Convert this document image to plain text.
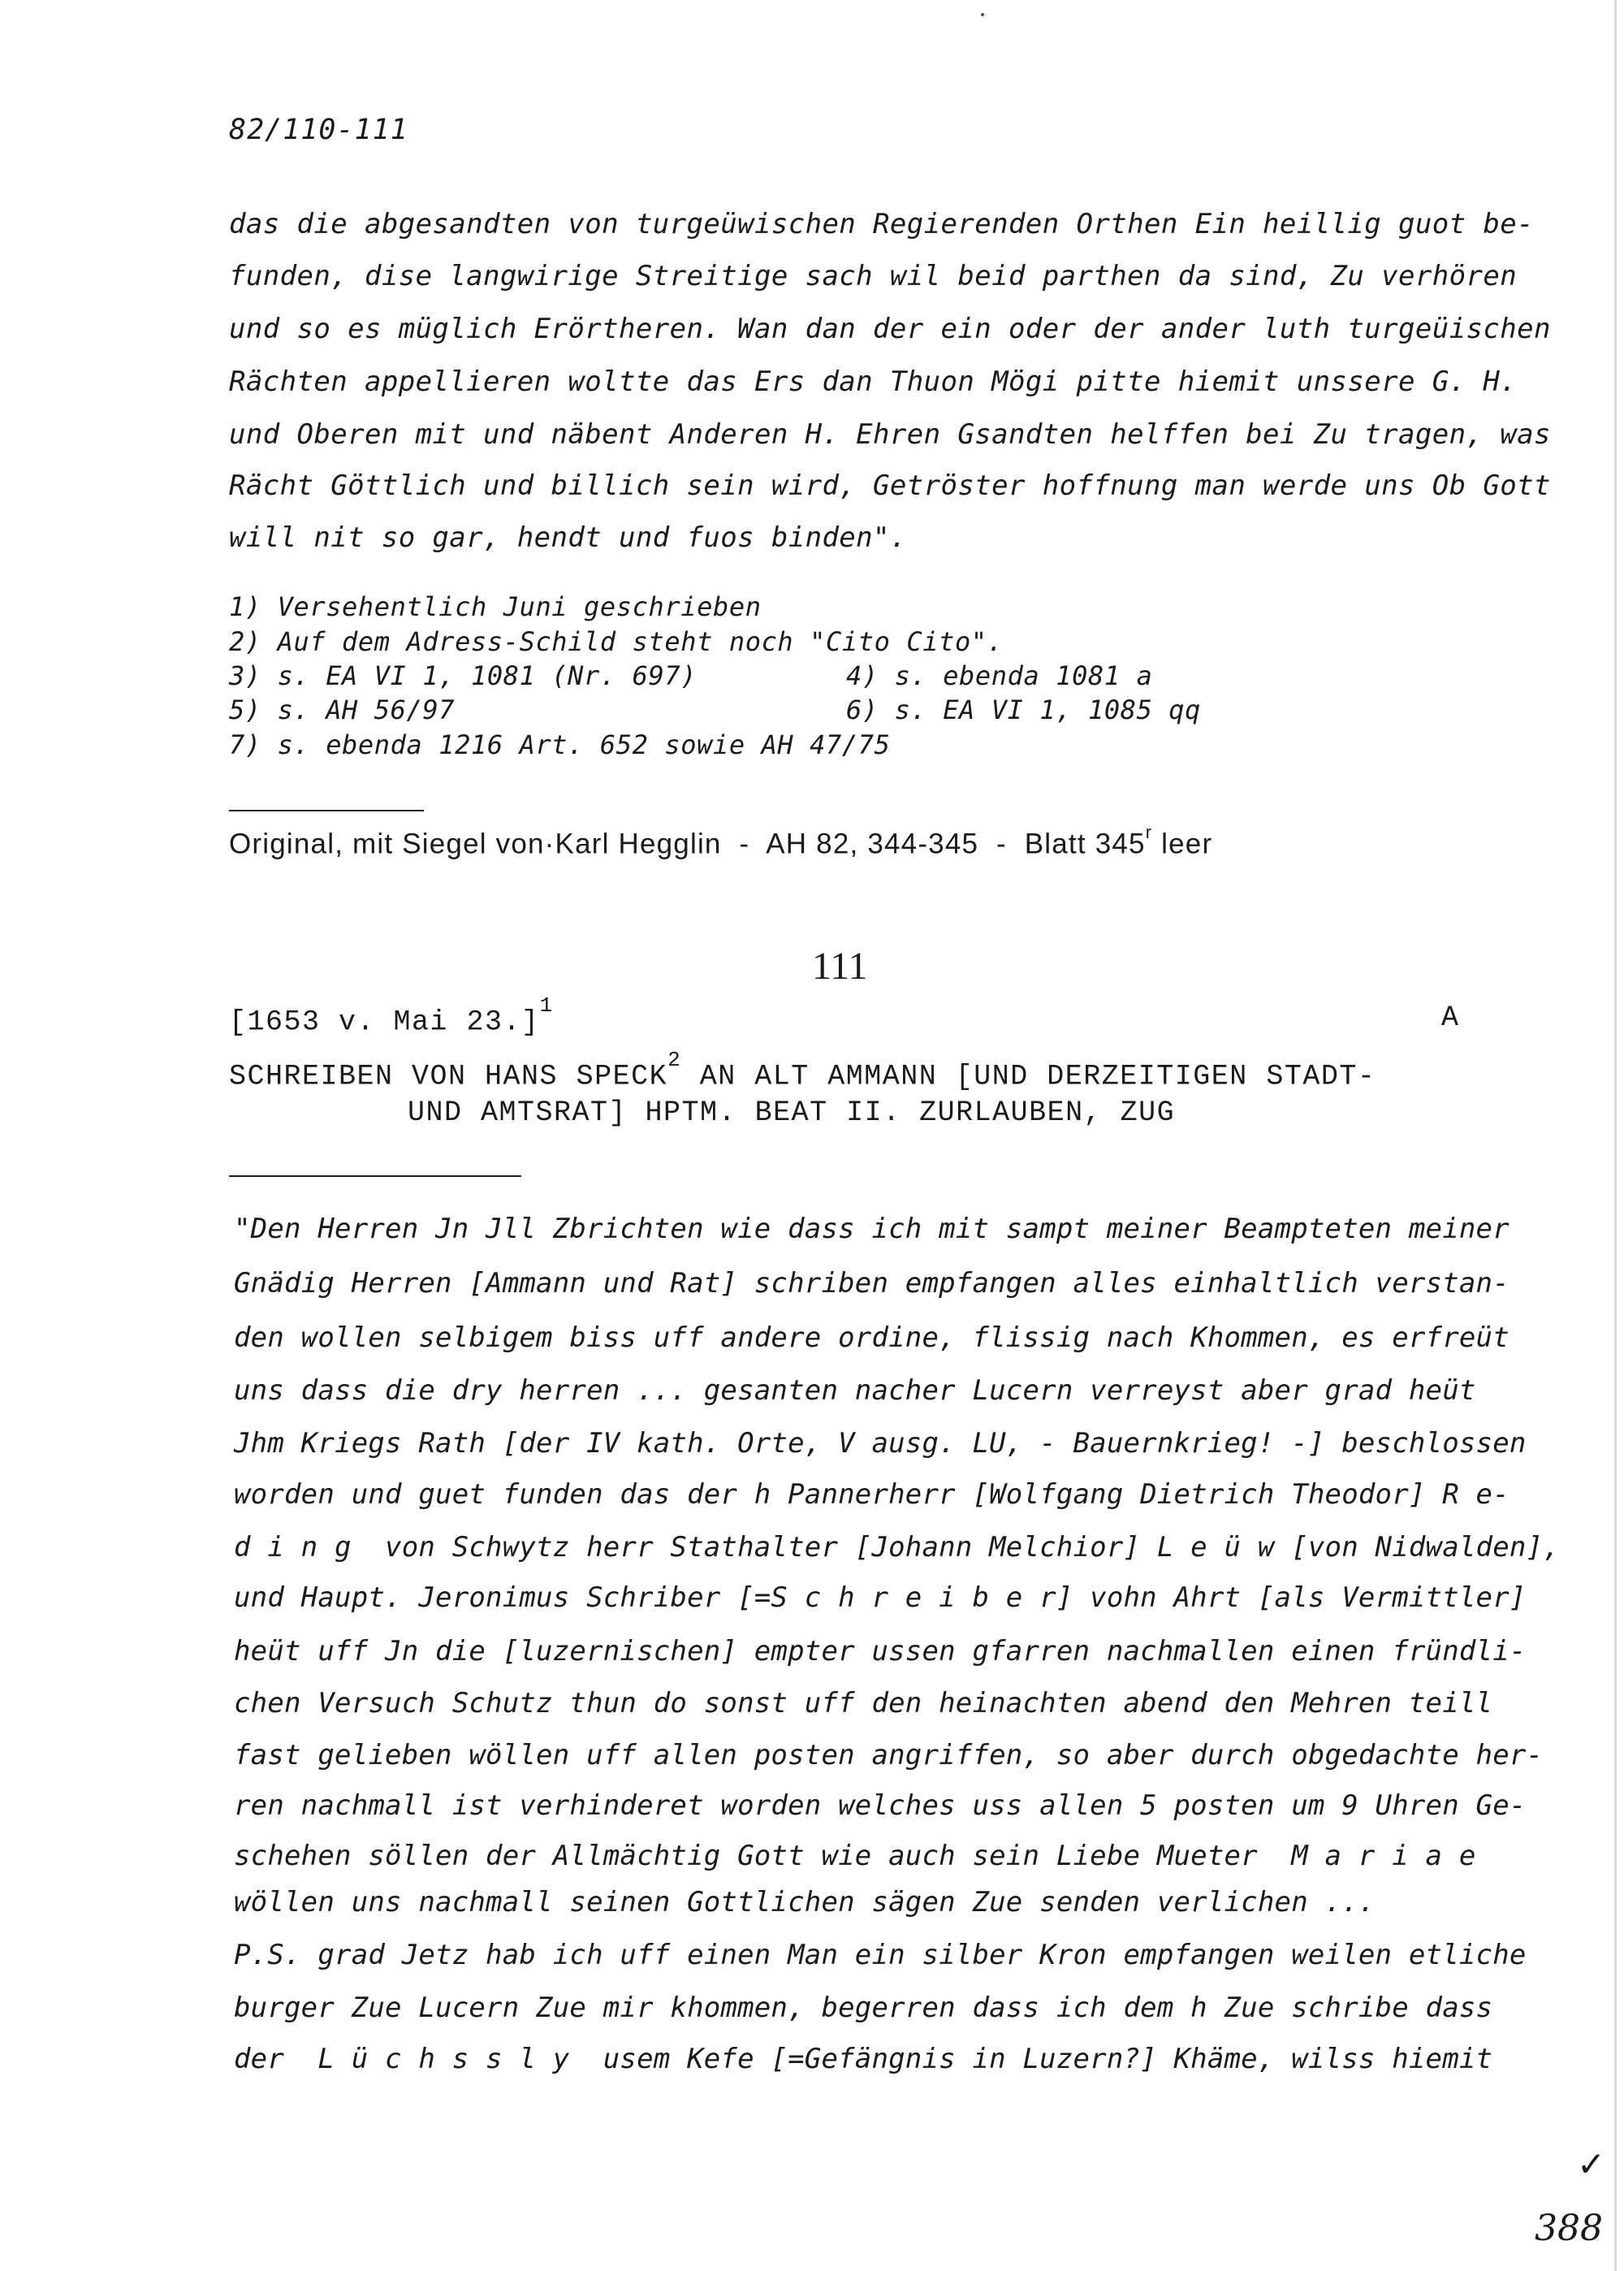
82/110-111
das die abgesandten von turgeüwischen Regierenden Orthen Ein heillig guot be-
funden, dise langwirige Streitige sach wil beid parthen da sind, Zu verhören
und so es müglich Erörtheren. Wan dan der ein oder der ander luth turgeüischen
Rächten appellieren woltte das Ers dan Thuon Mögi pitte hiemit unssere G. H.
und Oberen mit und näbent Anderen H. Ehren Gsandten helffen bei Zu tragen, was
Rächt Göttlich und billich sein wird, Getröster hoffnung man werde uns Ob Gott
will nit so gar, hendt und fuos binden".
1) Versehentlich Juni geschrieben
2) Auf dem Adress-Schild steht noch "Cito Cito".
3) s. EA VI 1, 1081 (Nr. 697)	4) s. ebenda 1081 a
5) s. AH 56/97	6) s. EA VI 1, 1085 qq
7) s. ebenda 1216 Art. 652 sowie AH 47/75
Original, mit Siegel von·Karl Hegglin  -  AH 82, 344-345  -  Blatt 345$^r$ leer
111
[1653 v. Mai 23.]$^1$	A
SCHREIBEN VON HANS SPECK$^2$ AN ALT AMMANN [UND DERZEITIGEN STADT-
UND AMTSRAT] HPTM. BEAT II. ZURLAUBEN, ZUG
"Den Herren Jn Jll Zbrichten wie dass ich mit sampt meiner Beampteten meiner
Gnädig Herren [Ammann und Rat] schriben empfangen alles einhaltlich verstan-
den wollen selbigem biss uff andere ordine, flissig nach Khommen, es erfreüt
uns dass die dry herren ... gesanten nacher Lucern verreyst aber grad heüt
Jhm Kriegs Rath [der IV kath. Orte, V ausg. LU, - Bauernkrieg! -] beschlossen
worden und guet funden das der h Pannerherr [Wolfgang Dietrich Theodor] R e-
d i n g  von Schwytz herr Stathalter [Johann Melchior] L e ü w [von Nidwalden],
und Haupt. Jeronimus Schriber [=S c h r e i b e r] vohn Ahrt [als Vermittler]
heüt uff Jn die [luzernischen] empter ussen gfarren nachmallen einen fründli-
chen Versuch Schutz thun do sonst uff den heinachten abend den Mehren teill
fast gelieben wöllen uff allen posten angriffen, so aber durch obgedachte her-
ren nachmall ist verhinderet worden welches uss allen 5 posten um 9 Uhren Ge-
schehen söllen der Allmächtig Gott wie auch sein Liebe Mueter  M a r i a e
wöllen uns nachmall seinen Gottlichen sägen Zue senden verlichen ...
P.S. grad Jetz hab ich uff einen Man ein silber Kron empfangen weilen etliche
burger Zue Lucern Zue mir khommen, begerren dass ich dem h Zue schribe dass
der  L ü c h s s l y  usem Kefe [=Gefängnis in Luzern?] Khäme, wilss hiemit
✓
388
